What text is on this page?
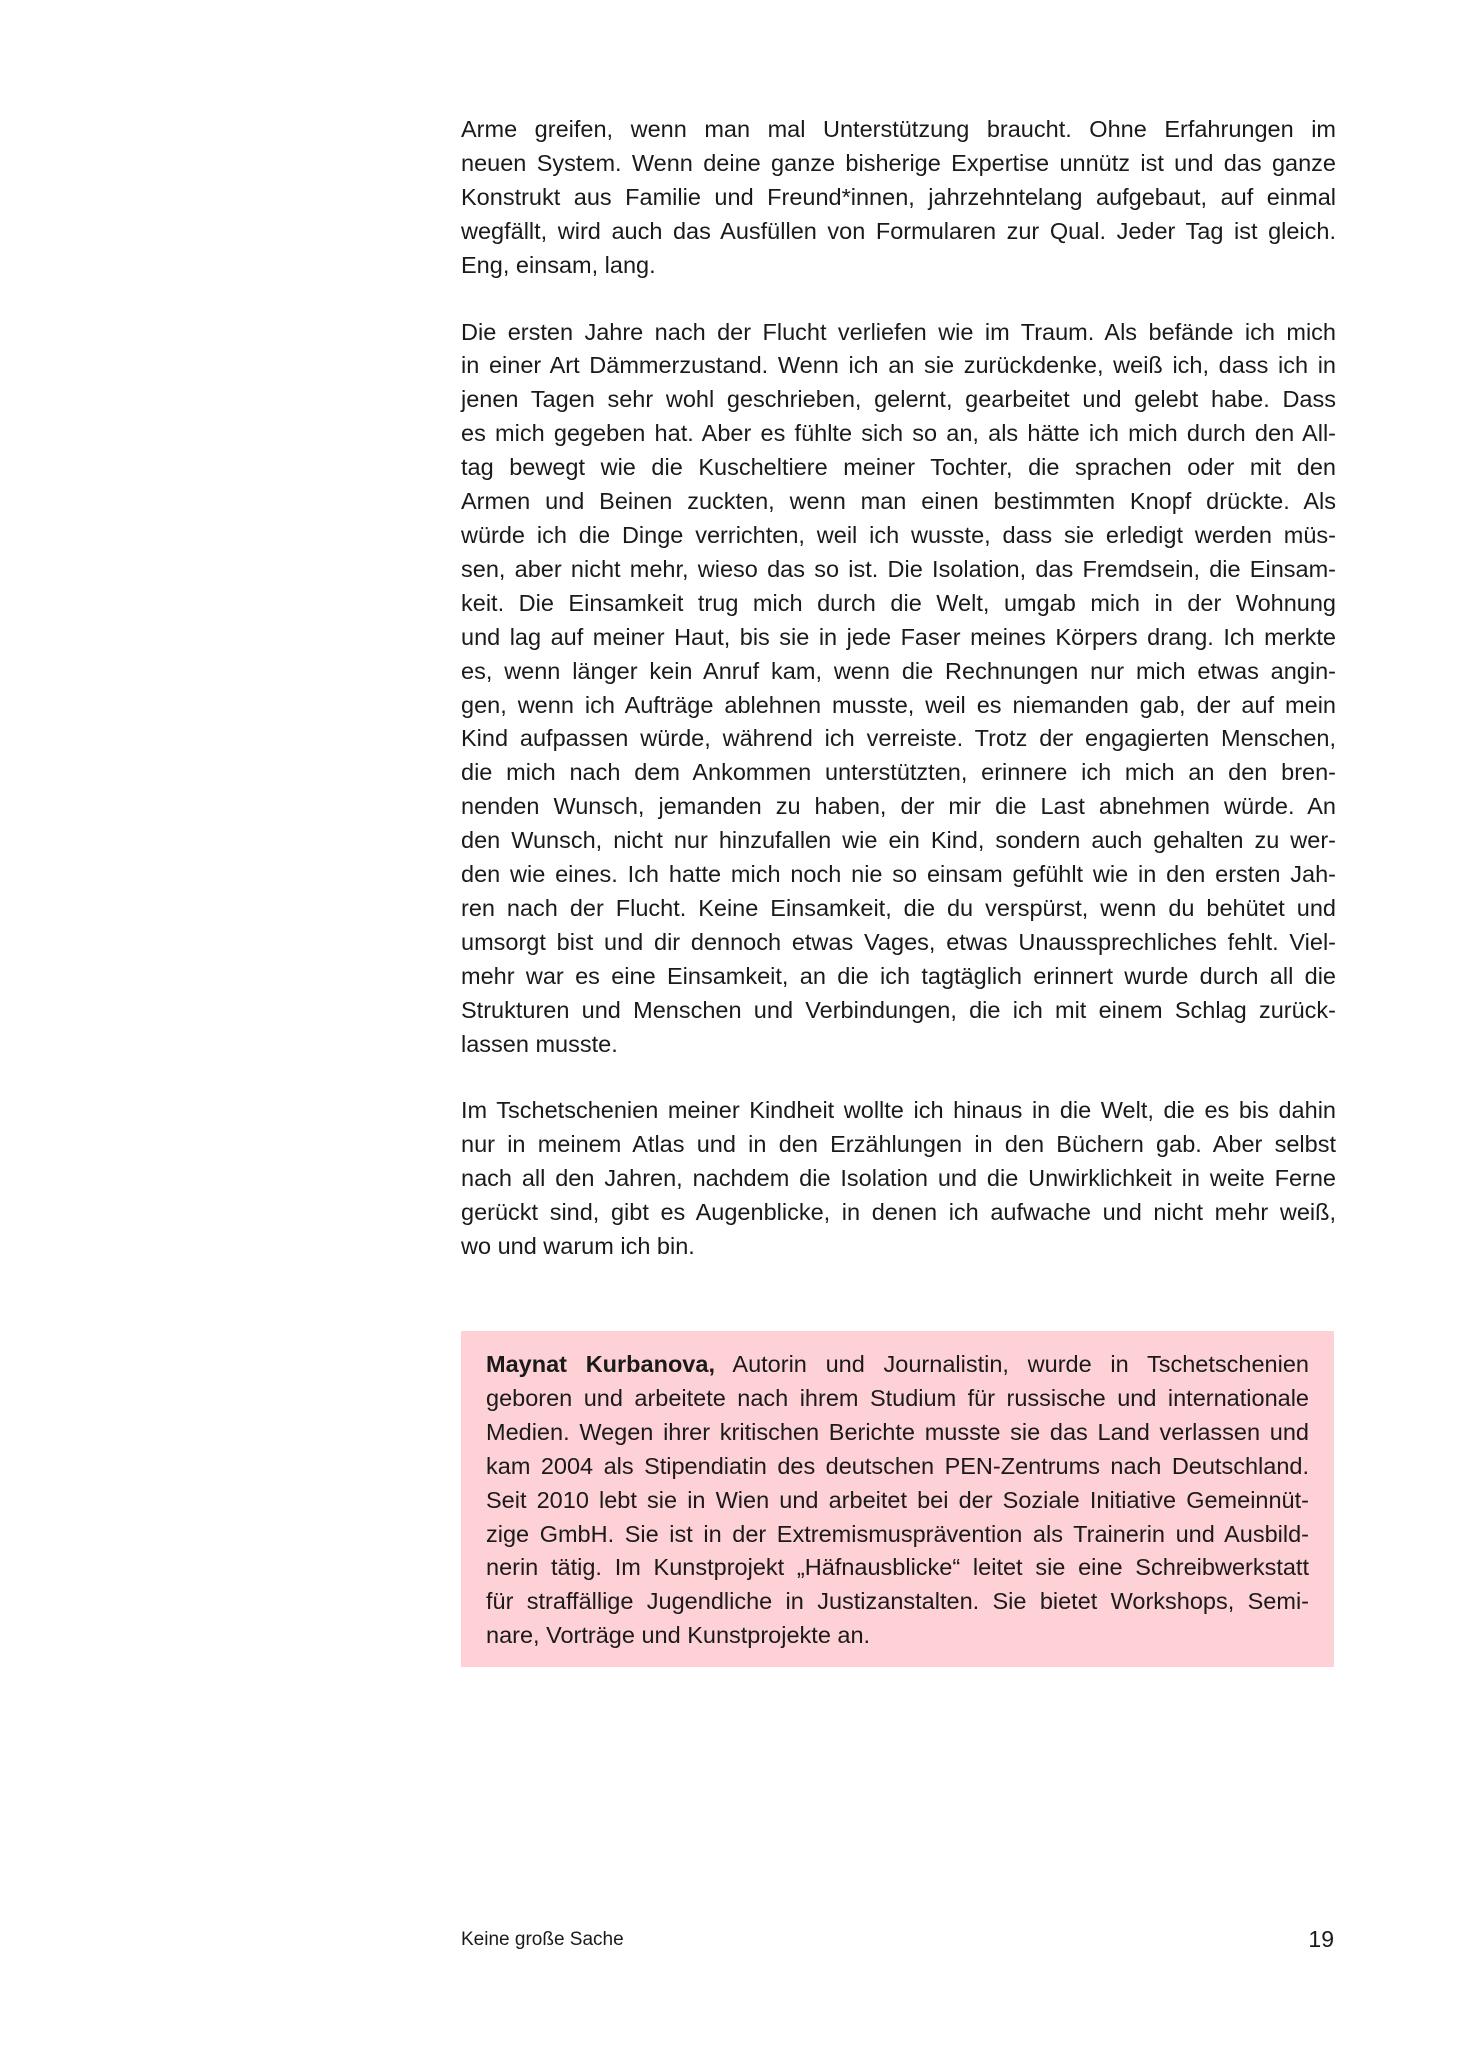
Arme greifen, wenn man mal Unterstützung braucht. Ohne Erfahrungen im
neuen System. Wenn deine ganze bisherige Expertise unnütz ist und das ganze
Konstrukt aus Familie und Freund*innen, jahrzehntelang aufgebaut, auf einmal
wegfällt, wird auch das Ausfüllen von Formularen zur Qual. Jeder Tag ist gleich.
Eng, einsam, lang.

Die ersten Jahre nach der Flucht verliefen wie im Traum. Als befände ich mich
in einer Art Dämmerzustand. Wenn ich an sie zurückdenke, weiß ich, dass ich in
jenen Tagen sehr wohl geschrieben, gelernt, gearbeitet und gelebt habe. Dass
es mich gegeben hat. Aber es fühlte sich so an, als hätte ich mich durch den All-
tag bewegt wie die Kuscheltiere meiner Tochter, die sprachen oder mit den
Armen und Beinen zuckten, wenn man einen bestimmten Knopf drückte. Als
würde ich die Dinge verrichten, weil ich wusste, dass sie erledigt werden müs-
sen, aber nicht mehr, wieso das so ist. Die Isolation, das Fremdsein, die Einsam-
keit. Die Einsamkeit trug mich durch die Welt, umgab mich in der Wohnung
und lag auf meiner Haut, bis sie in jede Faser meines Körpers drang. Ich merkte
es, wenn länger kein Anruf kam, wenn die Rechnungen nur mich etwas angin-
gen, wenn ich Aufträge ablehnen musste, weil es niemanden gab, der auf mein
Kind aufpassen würde, während ich verreiste. Trotz der engagierten Menschen,
die mich nach dem Ankommen unterstützten, erinnere ich mich an den bren-
nenden Wunsch, jemanden zu haben, der mir die Last abnehmen würde. An
den Wunsch, nicht nur hinzufallen wie ein Kind, sondern auch gehalten zu wer-
den wie eines. Ich hatte mich noch nie so einsam gefühlt wie in den ersten Jah-
ren nach der Flucht. Keine Einsamkeit, die du verspürst, wenn du behütet und
umsorgt bist und dir dennoch etwas Vages, etwas Unaussprechliches fehlt. Viel-
mehr war es eine Einsamkeit, an die ich tagtäglich erinnert wurde durch all die
Strukturen und Menschen und Verbindungen, die ich mit einem Schlag zurück-
lassen musste.

Im Tschetschenien meiner Kindheit wollte ich hinaus in die Welt, die es bis dahin
nur in meinem Atlas und in den Erzählungen in den Büchern gab. Aber selbst
nach all den Jahren, nachdem die Isolation und die Unwirklichkeit in weite Ferne
gerückt sind, gibt es Augenblicke, in denen ich aufwache und nicht mehr weiß,
wo und warum ich bin.

Maynat Kurbanova, Autorin und Journalistin, wurde in Tschetschenien
geboren und arbeitete nach ihrem Studium für russische und internationale
Medien. Wegen ihrer kritischen Berichte musste sie das Land verlassen und
kam 2004 als Stipendiatin des deutschen PEN-Zentrums nach Deutschland.
Seit 2010 lebt sie in Wien und arbeitet bei der Soziale Initiative Gemeinnüt-
zige GmbH. Sie ist in der Extremismusprävention als Trainerin und Ausbild-
nerin tätig. Im Kunstprojekt „Häfnausblicke“ leitet sie eine Schreibwerkstatt
für straffällige Jugendliche in Justizanstalten. Sie bietet Workshops, Semi-
nare, Vorträge und Kunstprojekte an.
Keine große Sache	19
